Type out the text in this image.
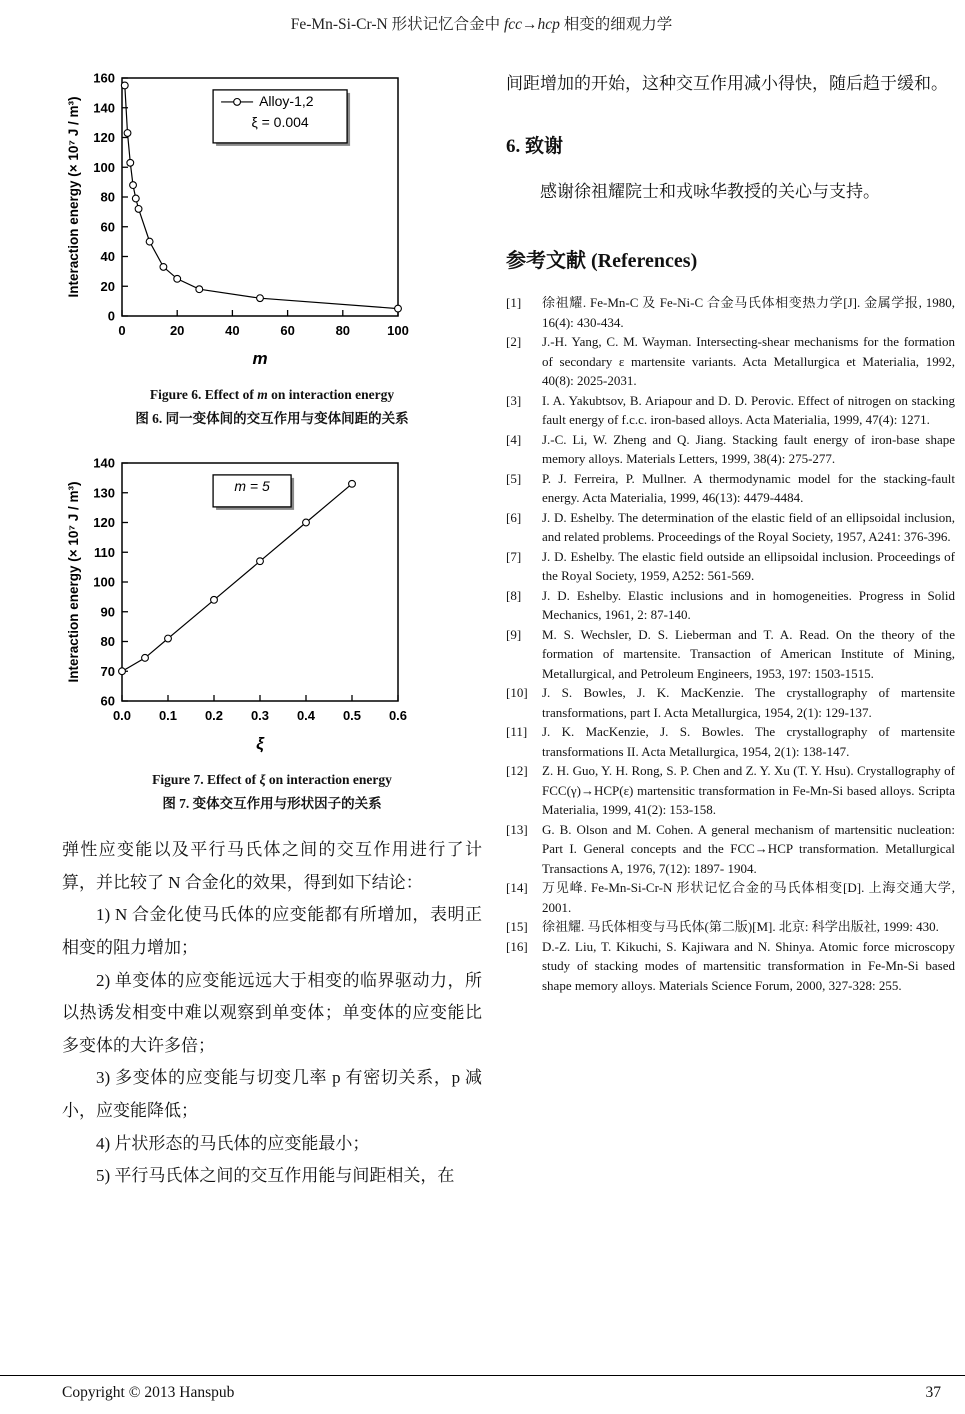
Fe-Mn-Si-Cr-N 形状记忆合金中 fcc→hcp 相变的细观力学
0	20	40	60	80	100
0
20
40
60
80
100
120
140
160
m
Interaction energy (× 10⁷ J / m³)	Alloy-1,2
ξ = 0.004
Figure 6. Effect of m on interaction energy
图 6. 同一变体间的交互作用与变体间距的关系
0.0 0.1 0.2 0.3 0.4 0.5 0.6
60
70
80
90
100
110
120
130
140
ξ
Interaction energy (× 10⁷ J / m³)	m = 5
Figure 7. Effect of ξ on interaction energy
图 7. 变体交互作用与形状因子的关系

弹性应变能以及平行马氏体之间的交互作用进行了计算，并比较了 N 合金化的效果，得到如下结论：

1) N 合金化使马氏体的应变能都有所增加，表明正相变的阻力增加；

2) 单变体的应变能远远大于相变的临界驱动力，所以热诱发相变中难以观察到单变体；单变体的应变能比多变体的大许多倍；

3) 多变体的应变能与切变几率 p 有密切关系，p 减小，应变能降低；

4) 片状形态的马氏体的应变能最小；

5) 平行马氏体之间的交互作用能与间距相关，在

间距增加的开始，这种交互作用减小得快，随后趋于缓和。

6. 致谢

感谢徐祖耀院士和戎咏华教授的关心与支持。

参考文献 (References)
[1]	徐祖耀. Fe-Mn-C 及 Fe-Ni-C 合金马氏体相变热力学[J]. 金属学报, 1980, 16(4): 430-434.
[2]	J.-H. Yang, C. M. Wayman. Intersecting-shear mechanisms for the formation of secondary ε martensite variants. Acta Metallurgica et Materialia, 1992, 40(8): 2025-2031.
[3]	I. A. Yakubtsov, B. Ariapour and D. D. Perovic. Effect of nitrogen on stacking fault energy of f.c.c. iron-based alloys. Acta Materialia, 1999, 47(4): 1271.
[4]	J.-C. Li, W. Zheng and Q. Jiang. Stacking fault energy of iron-base shape memory alloys. Materials Letters, 1999, 38(4): 275-277.
[5]	P. J. Ferreira, P. Mullner. A thermodynamic model for the stacking-fault energy. Acta Materialia, 1999, 46(13): 4479-4484.
[6]	J. D. Eshelby. The determination of the elastic field of an ellipsoidal inclusion, and related problems. Proceedings of the Royal Society, 1957, A241: 376-396.
[7]	J. D. Eshelby. The elastic field outside an ellipsoidal inclusion. Proceedings of the Royal Society, 1959, A252: 561-569.
[8]	J. D. Eshelby. Elastic inclusions and in homogeneities. Progress in Solid Mechanics, 1961, 2: 87-140.
[9]	M. S. Wechsler, D. S. Lieberman and T. A. Read. On the theory of the formation of martensite. Transaction of American Institute of Mining, Metallurgical, and Petroleum Engineers, 1953, 197: 1503-1515.
[10]	J. S. Bowles, J. K. MacKenzie. The crystallography of martensite transformations, part I. Acta Metallurgica, 1954, 2(1): 129-137.
[11]	J. K. MacKenzie, J. S. Bowles. The crystallography of martensite transformations II. Acta Metallurgica, 1954, 2(1): 138-147.
[12]	Z. H. Guo, Y. H. Rong, S. P. Chen and Z. Y. Xu (T. Y. Hsu). Crystallography of FCC(γ)→HCP(ε) martensitic transformation in Fe-Mn-Si based alloys. Scripta Materialia, 1999, 41(2): 153-158.
[13]	G. B. Olson and M. Cohen. A general mechanism of martensitic nucleation: Part I. General concepts and the FCC→HCP transformation. Metallurgical Transactions A, 1976, 7(12): 1897- 1904.
[14]	万见峰. Fe-Mn-Si-Cr-N 形状记忆合金的马氏体相变[D]. 上海交通大学, 2001.
[15]	徐祖耀. 马氏体相变与马氏体(第二版)[M]. 北京: 科学出版社, 1999: 430.
[16]	D.-Z. Liu, T. Kikuchi, S. Kajiwara and N. Shinya. Atomic force microscopy study of stacking modes of martensitic transformation in Fe-Mn-Si based shape memory alloys. Materials Science Forum, 2000, 327-328: 255.
Copyright © 2013 Hanspub	37
